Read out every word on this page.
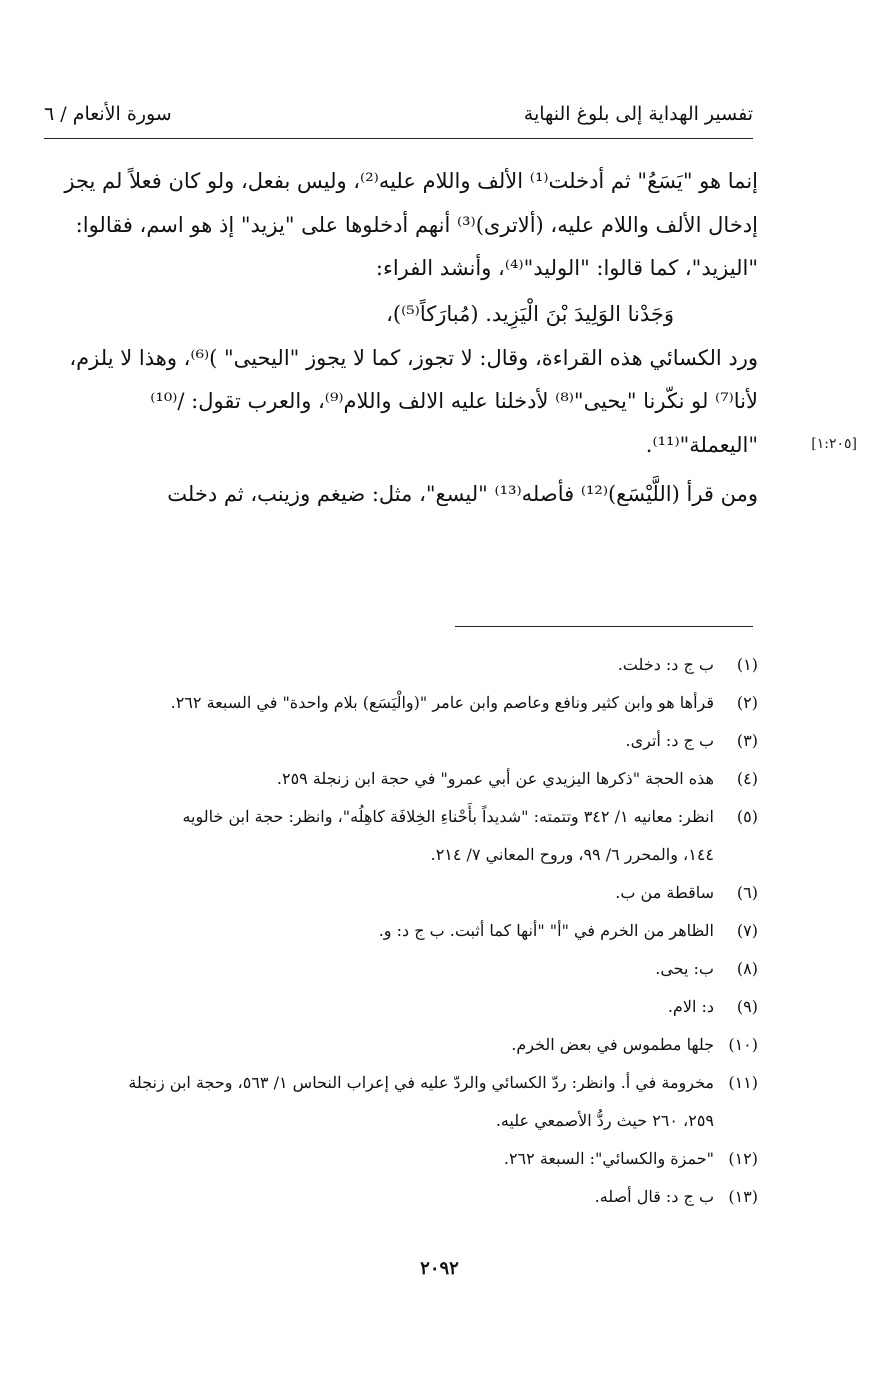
تفسير الهداية إلى بلوغ النهاية
سورة الأنعام / ٦
إنما هو "يَسَعُ" ثم أدخلت⁽¹⁾ الألف واللام عليه⁽²⁾، وليس بفعل، ولو كان فعلاً لم يجز
إدخال الألف واللام عليه، (ألاترى)⁽³⁾ أنهم أدخلوها على "يزيد" إذ هو اسم، فقالوا:
"اليزيد"، كما قالوا: "الوليد"⁽⁴⁾، وأنشد الفراء:
وَجَدْنا الوَلِيدَ بْنَ الْيَزِيد. (مُبارَكاً⁽⁵⁾)،
ورد الكسائي هذه القراءة، وقال: لا تجوز، كما لا يجوز "اليحيى" )⁽⁶⁾، وهذا لا يلزم،
لأنا⁽⁷⁾ لو نكّرنا "يحيى"⁽⁸⁾ لأدخلنا عليه الالف واللام⁽⁹⁾، والعرب تقول: /⁽¹⁰⁾
"اليعملة"⁽¹¹⁾.
ومن قرأ (اللَّيْسَع)⁽¹²⁾ فأصله⁽¹³⁾ "ليسع"، مثل: ضيغم وزينب، ثم دخلت
[١:٢٠٥]
(١)
ب ج د: دخلت.
(٢)
قرأها هو وابن كثير ونافع وعاصم وابن عامر "(والْيَسَع) بلام واحدة" في السبعة ٢٦٢.
(٣)
ب ج د: أترى.
(٤)
هذه الحجة "ذكرها اليزيدي عن أبي عمرو" في حجة ابن زنجلة ٢٥٩.
(٥)
انظر: معانيه ١/ ٣٤٢ وتتمته: "شديداً بأَحْناءِ الخِلافَة كاهِلُه"، وانظر: حجة ابن خالويه
١٤٤، والمحرر ٦/ ٩٩، وروح المعاني ٧/ ٢١٤.
(٦)
ساقطة من ب.
(٧)
الظاهر من الخرم في "أ" "أنها كما أثبت. ب ج د: و.
(٨)
ب: يحى.
(٩)
د: الام.
(١٠)
جلها مطموس في بعض الخرم.
(١١)
مخرومة في أ. وانظر: ردّ الكسائي والردّ عليه في إعراب النحاس ١/ ٥٦٣، وحجة ابن زنجلة
٢٥٩، ٢٦٠ حيث ردُّ الأصمعي عليه.
(١٢)
"حمزة والكسائي": السبعة ٢٦٢.
(١٣)
ب ج د: قال أصله.
٢٠٩٢
